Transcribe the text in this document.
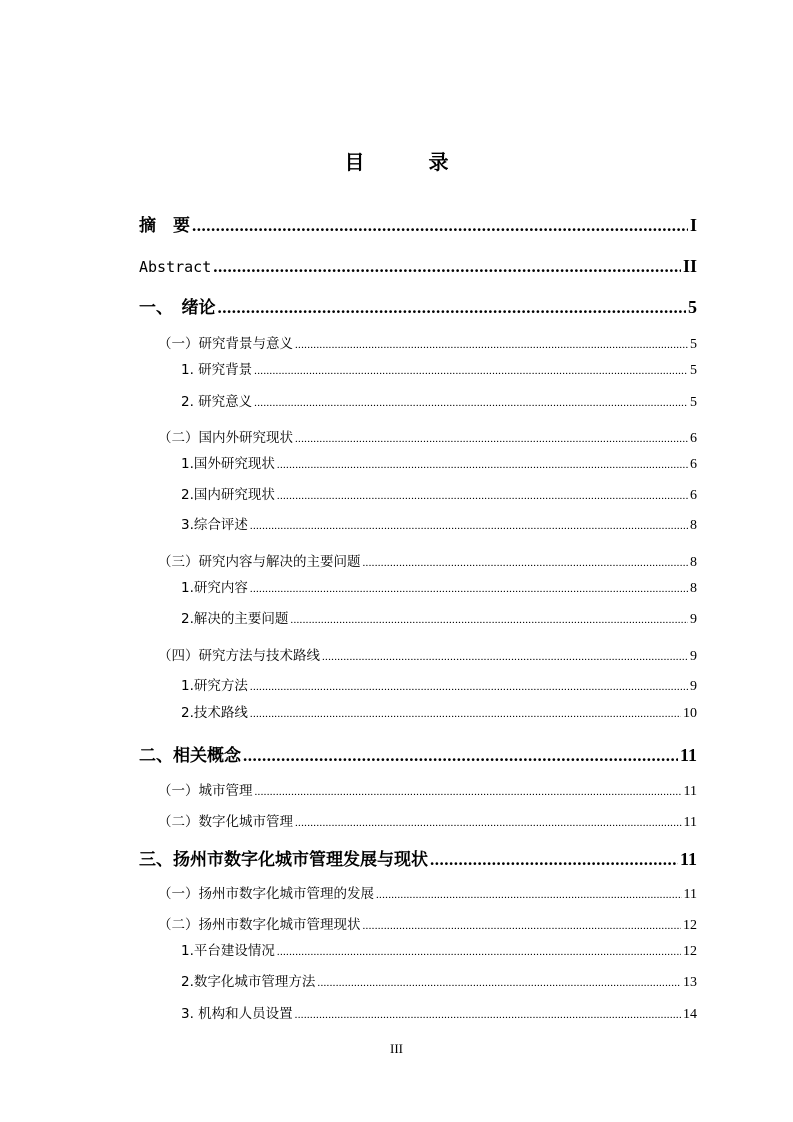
目　录
摘　要 .....	I
Abstract .....	II
一、　绪论 .....	5
（一）研究背景与意义 .....	5
1. 研究背景 .....	5
2. 研究意义 .....	5
（二）国内外研究现状 .....	6
1.国外研究现状 .....	6
2.国内研究现状 .....	6
3.综合评述 .....	8
（三）研究内容与解决的主要问题 .....	8
1.研究内容 .....	8
2.解决的主要问题 .....	9
（四）研究方法与技术路线 .....	9
1.研究方法 .....	9
2.技术路线 .....	10
二、相关概念 .....	11
（一）城市管理 .....	11
（二）数字化城市管理 .....	11
三、扬州市数字化城市管理发展与现状 .....	11
（一）扬州市数字化城市管理的发展 .....	11
（二）扬州市数字化城市管理现状 .....	12
1.平台建设情况 .....	12
2.数字化城市管理方法 .....	13
3. 机构和人员设置 .....	14
III
